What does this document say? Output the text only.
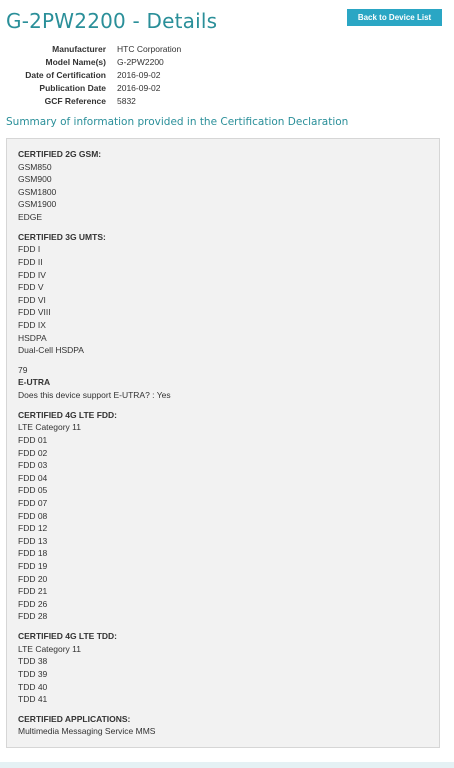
G-2PW2200 - Details	Back to Device List
Manufacturer HTC Corporation
Model Name(s) G-2PW2200
Date of Certification 2016-09-02
Publication Date 2016-09-02
GCF Reference 5832
Summary of information provided in the Certification Declaration
CERTIFIED 2G GSM:
GSM850
GSM900
GSM1800
GSM1900
EDGE
CERTIFIED 3G UMTS:
FDD I
FDD II
FDD IV
FDD V
FDD VI
FDD VIII
FDD IX
HSDPA
Dual-Cell HSDPA
79
E-UTRA
Does this device support E-UTRA? : Yes
CERTIFIED 4G LTE FDD:
LTE Category 11
FDD 01
FDD 02
FDD 03
FDD 04
FDD 05
FDD 07
FDD 08
FDD 12
FDD 13
FDD 18
FDD 19
FDD 20
FDD 21
FDD 26
FDD 28
CERTIFIED 4G LTE TDD:
LTE Category 11
TDD 38
TDD 39
TDD 40
TDD 41
CERTIFIED APPLICATIONS:
Multimedia Messaging Service MMS
